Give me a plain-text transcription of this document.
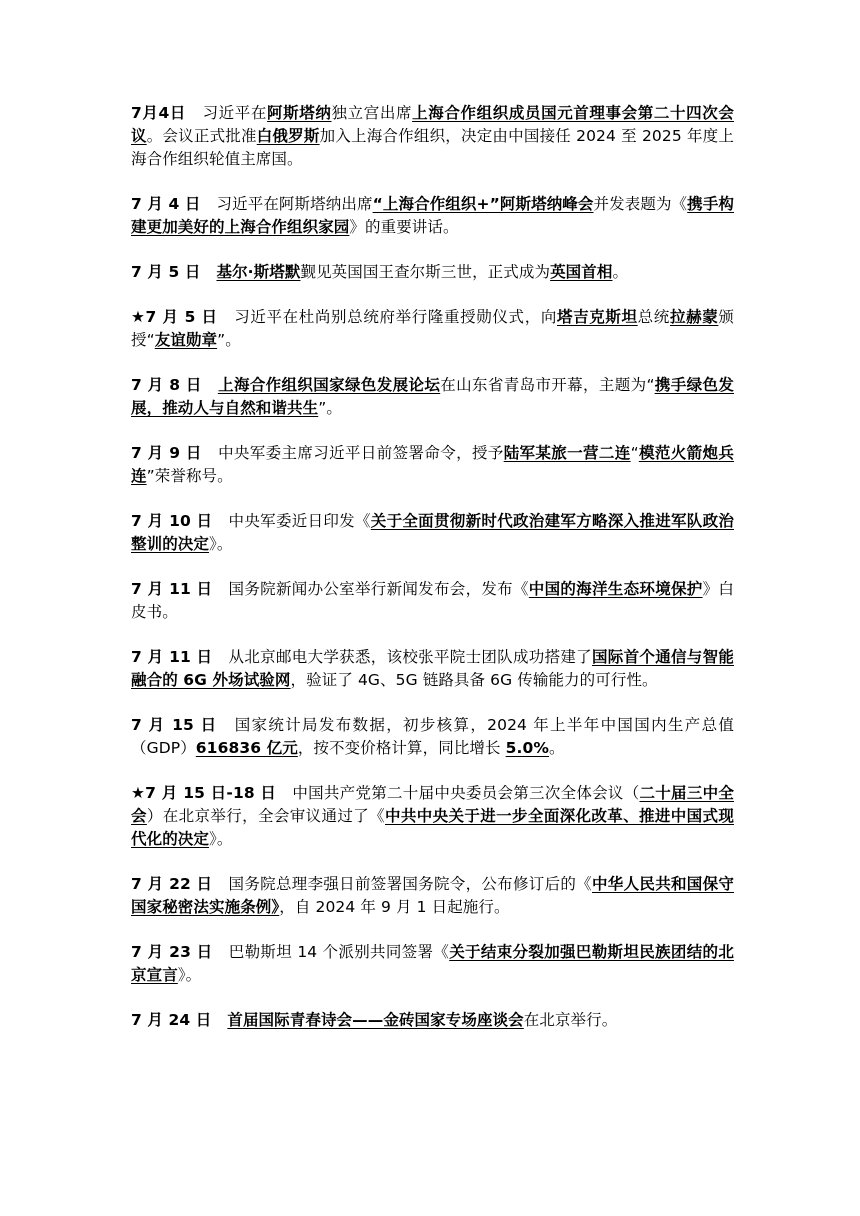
7月4日 习近平在阿斯塔纳独立宫出席上海合作组织成员国元首理事会第二十四次会议。会议正式批准白俄罗斯加入上海合作组织，决定由中国接任 2024 至 2025 年度上海合作组织轮值主席国。

7 月 4 日 习近平在阿斯塔纳出席“上海合作组织+”阿斯塔纳峰会并发表题为《携手构建更加美好的上海合作组织家园》的重要讲话。

7 月 5 日 基尔·斯塔默觐见英国国王查尔斯三世，正式成为英国首相。

★7 月 5 日 习近平在杜尚别总统府举行隆重授勋仪式，向塔吉克斯坦总统拉赫蒙颁授“友谊勋章”。

7 月 8 日 上海合作组织国家绿色发展论坛在山东省青岛市开幕，主题为“携手绿色发展，推动人与自然和谐共生”。

7 月 9 日 中央军委主席习近平日前签署命令，授予陆军某旅一营二连“模范火箭炮兵连”荣誉称号。

7 月 10 日 中央军委近日印发《关于全面贯彻新时代政治建军方略深入推进军队政治整训的决定》。

7 月 11 日 国务院新闻办公室举行新闻发布会，发布《中国的海洋生态环境保护》白皮书。

7 月 11 日 从北京邮电大学获悉，该校张平院士团队成功搭建了国际首个通信与智能融合的 6G 外场试验网，验证了 4G、5G 链路具备 6G 传输能力的可行性。

7 月 15 日 国家统计局发布数据，初步核算，2024 年上半年中国国内生产总值（GDP）616836 亿元，按不变价格计算，同比增长 5.0%。

★7 月 15 日-18 日 中国共产党第二十届中央委员会第三次全体会议（二十届三中全会）在北京举行，全会审议通过了《中共中央关于进一步全面深化改革、推进中国式现代化的决定》。

7 月 22 日 国务院总理李强日前签署国务院令，公布修订后的《中华人民共和国保守国家秘密法实施条例》，自 2024 年 9 月 1 日起施行。

7 月 23 日 巴勒斯坦 14 个派别共同签署《关于结束分裂加强巴勒斯坦民族团结的北京宣言》。

7 月 24 日 首届国际青春诗会——金砖国家专场座谈会在北京举行。
